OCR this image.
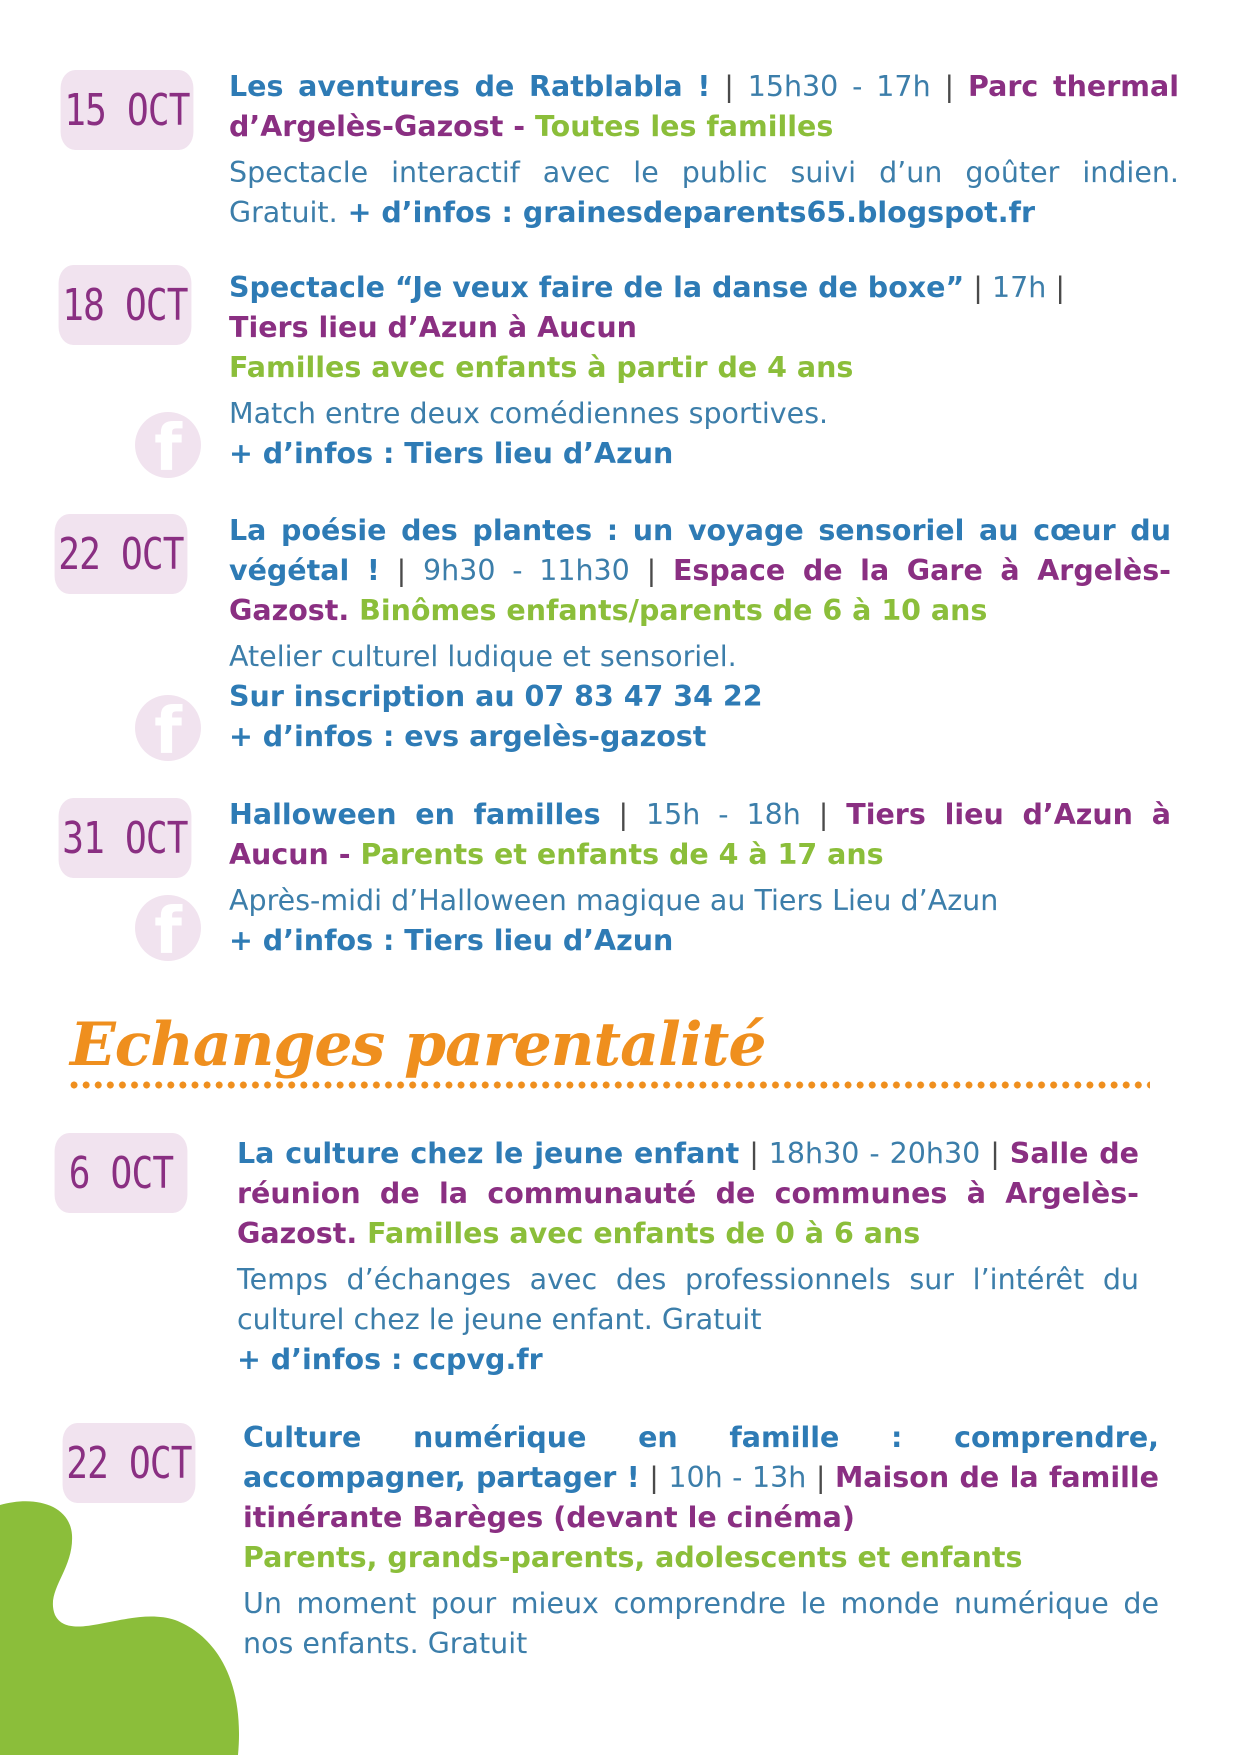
15 OCT Les aventures de Ratblabla ! | 15h30 - 17h | Parc thermal d’Argelès-Gazost - Toutes les familles

Spectacle interactif avec le public suivi d’un goûter indien. Gratuit. + d’infos : grainesdeparents65.blogspot.fr

18 OCT
f

Spectacle “Je veux faire de la danse de boxe” | 17h |

Tiers lieu d’Azun à Aucun

Familles avec enfants à partir de 4 ans

Match entre deux comédiennes sportives.

+ d’infos : Tiers lieu d’Azun

22 OCT
f

La poésie des plantes : un voyage sensoriel au cœur du végétal ! | 9h30 - 11h30 | Espace de la Gare à Argelès-Gazost. Binômes enfants/parents de 6 à 10 ans

Atelier culturel ludique et sensoriel.

Sur inscription au 07 83 47 34 22

+ d’infos : evs argelès-gazost

31 OCT
f

Halloween en familles | 15h - 18h | Tiers lieu d’Azun à Aucun - Parents et enfants de 4 à 17 ans

Après-midi d’Halloween magique au Tiers Lieu d’Azun

+ d’infos : Tiers lieu d’Azun

Echanges parentalité
6 OCT La culture chez le jeune enfant | 18h30 - 20h30 | Salle de réunion de la communauté de communes à Argelès-Gazost. Familles avec enfants de 0 à 6 ans

Temps d’échanges avec des professionnels sur l’intérêt du culturel chez le jeune enfant. Gratuit

+ d’infos : ccpvg.fr

22 OCT Culture numérique en famille : comprendre, accompagner, partager ! | 10h - 13h | Maison de la famille itinérante Barèges (devant le cinéma)

Parents, grands-parents, adolescents et enfants

Un moment pour mieux comprendre le monde numérique de nos enfants. Gratuit
